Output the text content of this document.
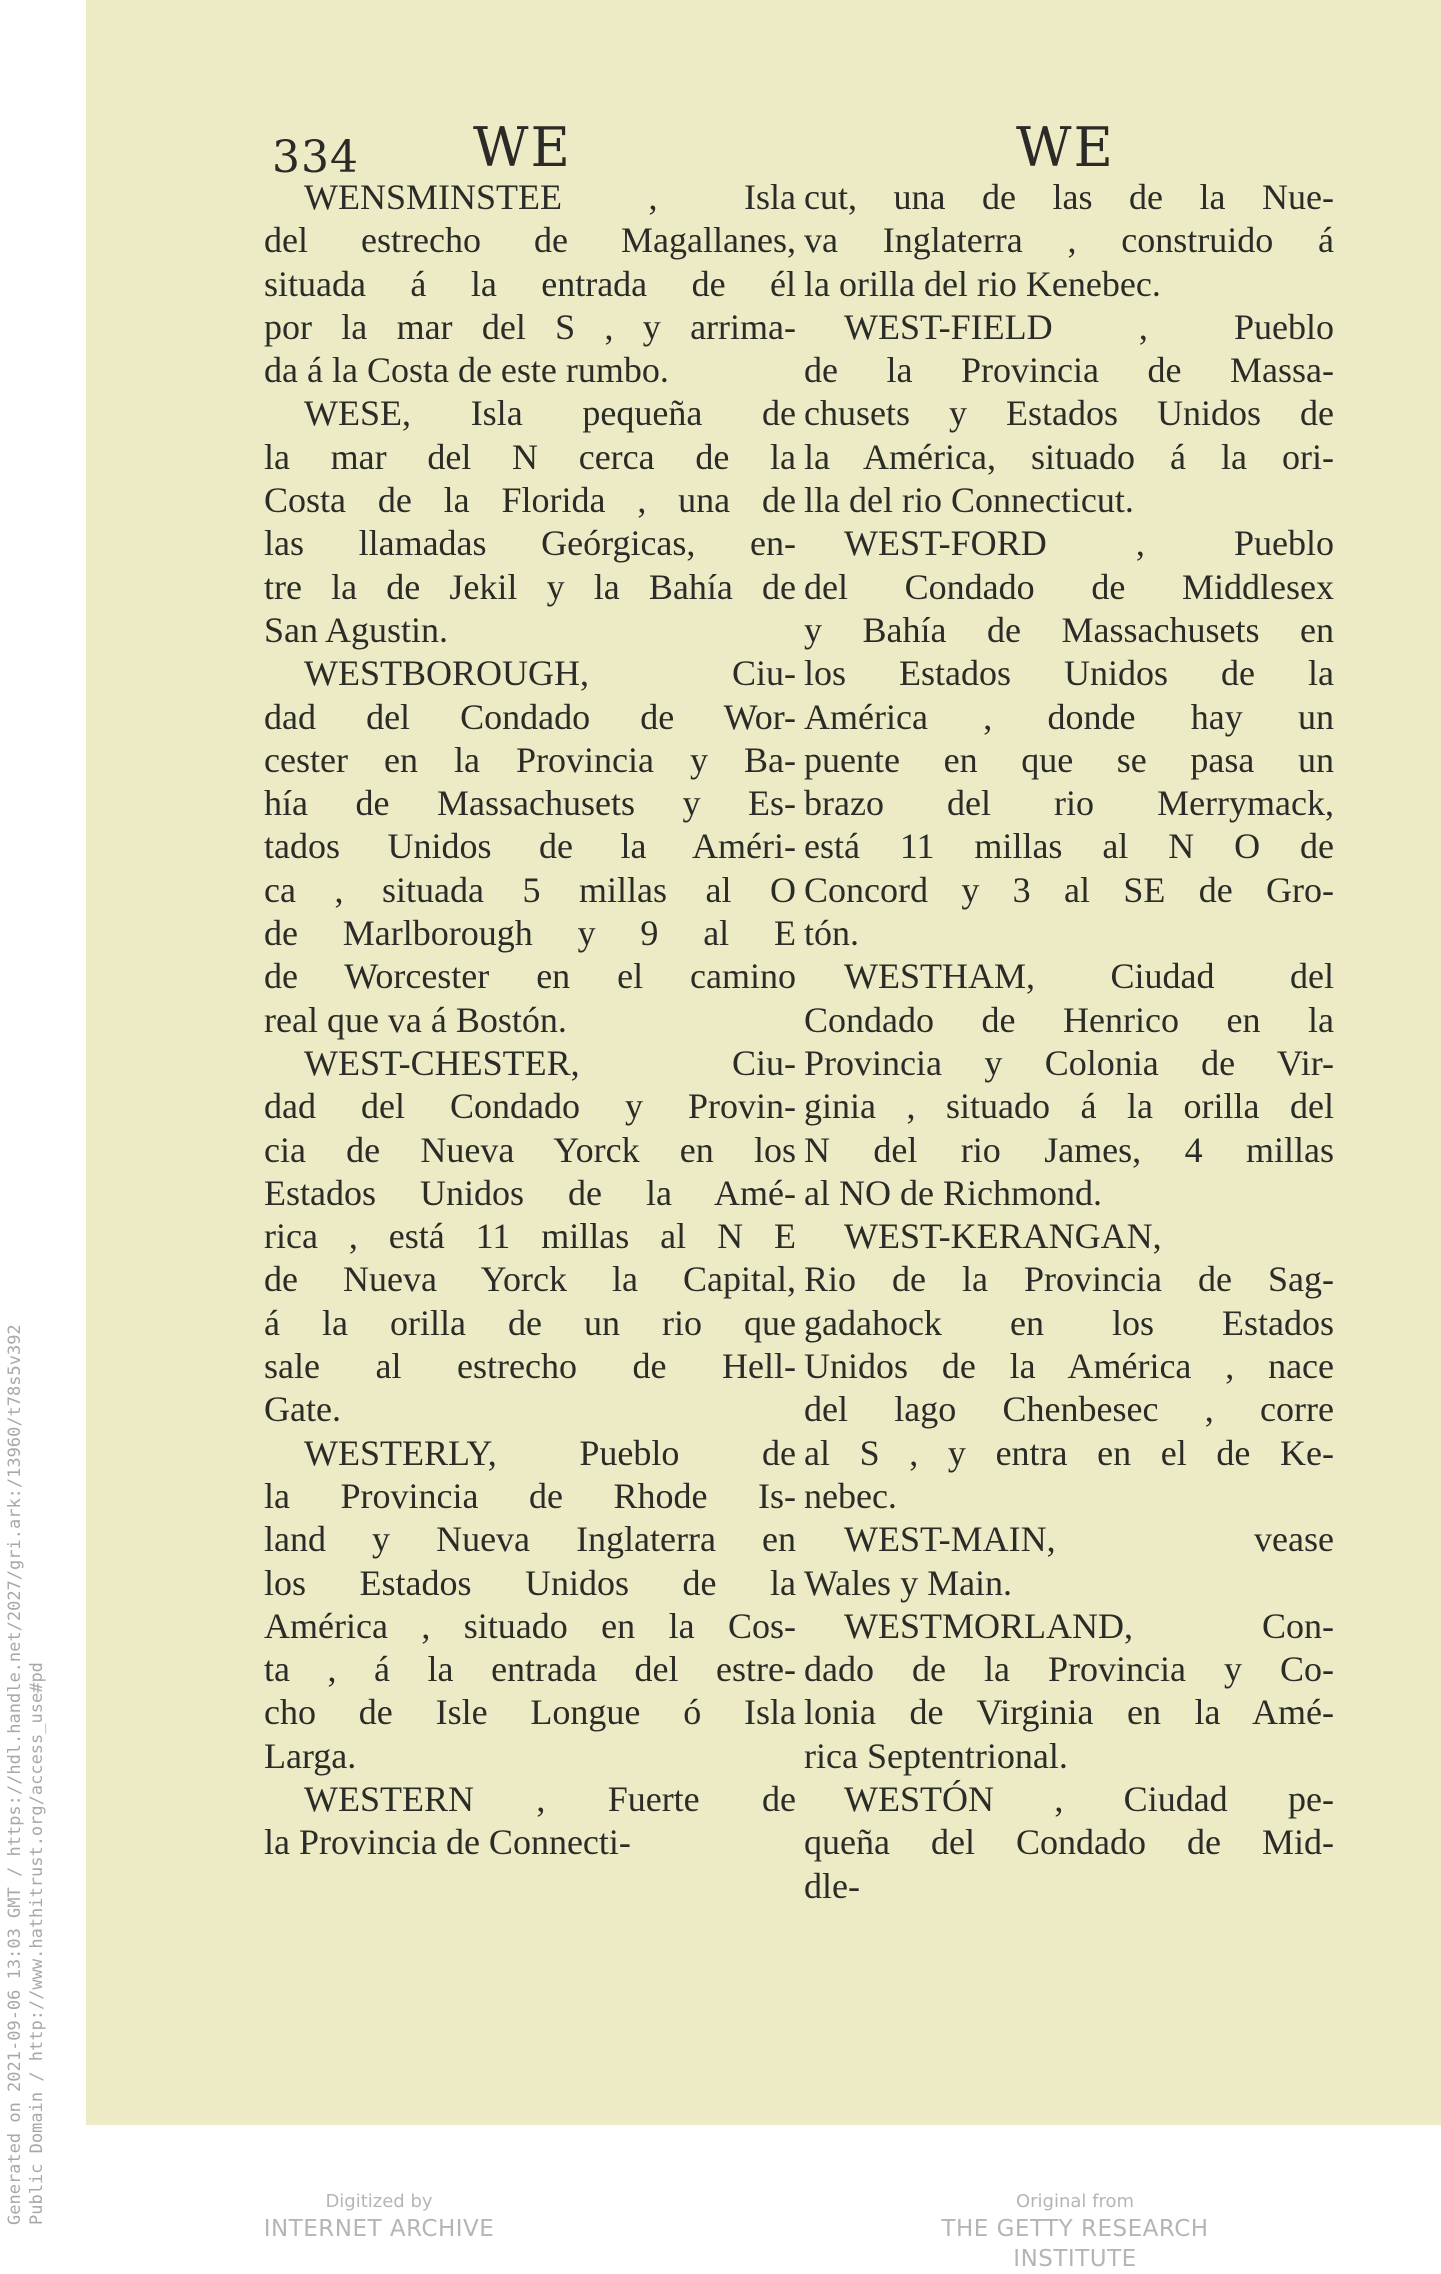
Generated on 2021-09-06 13:03 GMT / https://hdl.handle.net/2027/gri.ark:/13960/t78s5v392 Public Domain / http://www.hathitrust.org/access_use#pd
334 WE	WE
WENSMINSTEE , Isla
del estrecho de Magallanes,
situada á la entrada de él
por la mar del S , y arrima-
da á la Costa de este rumbo.
WESE, Isla pequeña de
la mar del N cerca de la
Costa de la Florida , una de
las llamadas Geórgicas, en-
tre la de Jekil y la Bahía de
San Agustin.
WESTBOROUGH, Ciu-
dad del Condado de Wor-
cester en la Provincia y Ba-
hía de Massachusets y Es-
tados Unidos de la Améri-
ca , situada 5 millas al O
de Marlborough y 9 al E
de Worcester en el camino
real que va á Bostón.
WEST-CHESTER, Ciu-
dad del Condado y Provin-
cia de Nueva Yorck en los
Estados Unidos de la Amé-
rica , está 11 millas al N E
de Nueva Yorck la Capital,
á la orilla de un rio que
sale al estrecho de Hell-
Gate.
WESTERLY, Pueblo de
la Provincia de Rhode Is-
land y Nueva Inglaterra en
los Estados Unidos de la
América , situado en la Cos-
ta , á la entrada del estre-
cho de Isle Longue ó Isla
Larga.
WESTERN , Fuerte de
la Provincia de Connecti-
cut, una de las de la Nue-
va Inglaterra , construido á
la orilla del rio Kenebec.
WEST-FIELD , Pueblo
de la Provincia de Massa-
chusets y Estados Unidos de
la América, situado á la ori-
lla del rio Connecticut.
WEST-FORD , Pueblo
del Condado de Middlesex
y Bahía de Massachusets en
los Estados Unidos de la
América , donde hay un
puente en que se pasa un
brazo del rio Merrymack,
está 11 millas al N O de
Concord y 3 al SE de Gro-
tón.
WESTHAM, Ciudad del
Condado de Henrico en la
Provincia y Colonia de Vir-
ginia , situado á la orilla del
N del rio James, 4 millas
al NO de Richmond.
WEST-KERANGAN,
Rio de la Provincia de Sag-
gadahock en los Estados
Unidos de la América , nace
del lago Chenbesec , corre
al S , y entra en el de Ke-
nebec.
WEST-MAIN, vease
Wales y Main.
WESTMORLAND, Con-
dado de la Provincia y Co-
lonia de Virginia en la Amé-
rica Septentrional.
WESTÓN , Ciudad pe-
queña del Condado de Mid-
dle-
Digitized by
INTERNET ARCHIVE
Original from
THE GETTY RESEARCH INSTITUTE
